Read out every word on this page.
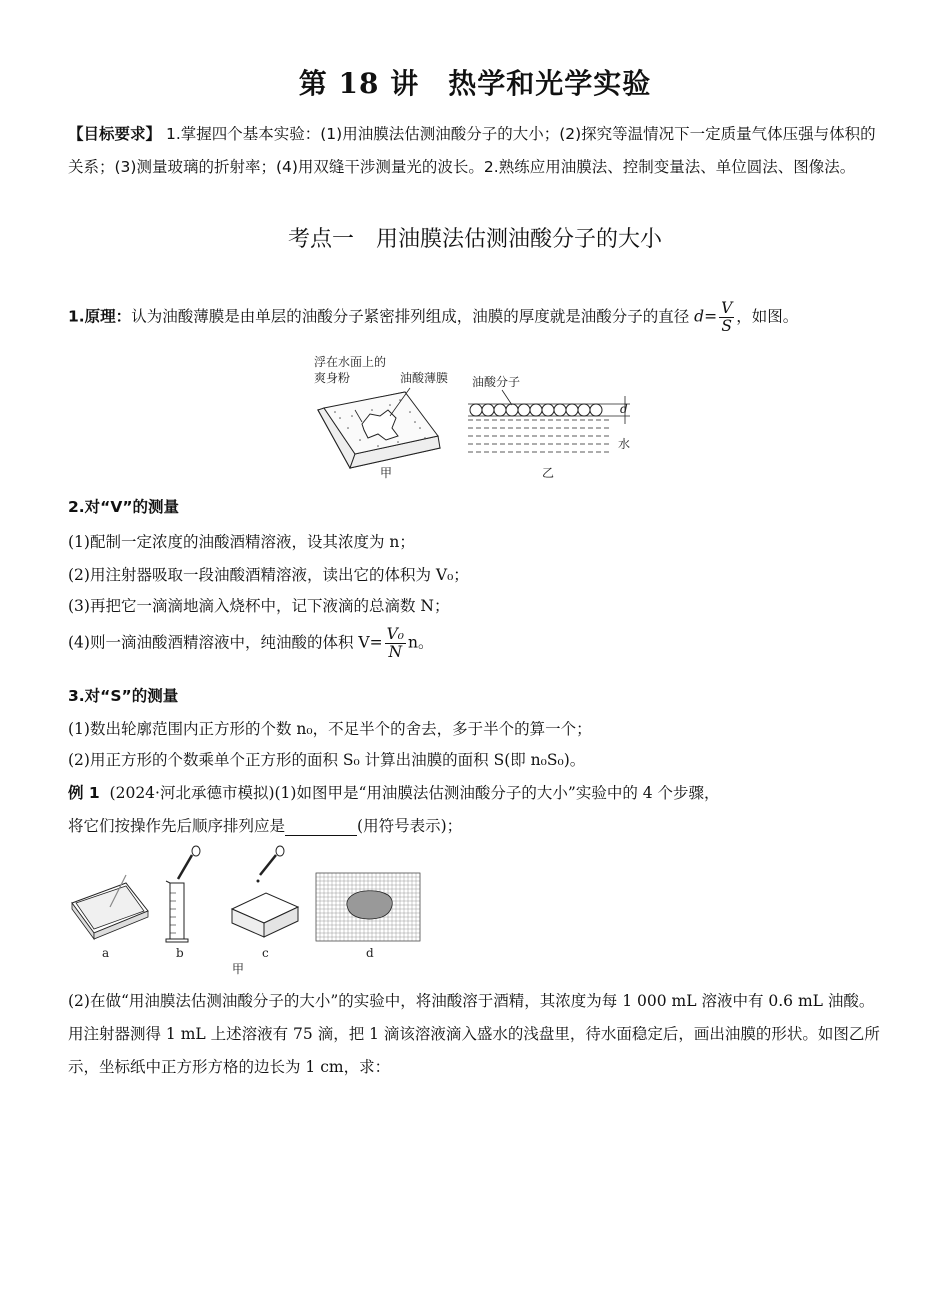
第 18 讲　热学和光学实验
【目标要求】 1.掌握四个基本实验：(1)用油膜法估测油酸分子的大小；(2)探究等温情况下一定质量气体压强与体积的关系；(3)测量玻璃的折射率；(4)用双缝干涉测量光的波长。2.熟练应用油膜法、控制变量法、单位圆法、图像法。
考点一　用油膜法估测油酸分子的大小
1.原理：认为油酸薄膜是由单层的油酸分子紧密排列组成，油膜的厚度就是油酸分子的直径 $d= \frac{V}{S}$ ，如图。
浮在水面上的
爽身粉	油酸薄膜
甲
d
水
油酸分子
乙
2.对“V”的测量
(1)配制一定浓度的油酸酒精溶液，设其浓度为 n；
(2)用注射器吸取一段油酸酒精溶液，读出它的体积为 V₀；
(3)再把它一滴滴地滴入烧杯中，记下液滴的总滴数 N；
(4)则一滴油酸酒精溶液中，纯油酸的体积 $V= \frac{\text{V₀}}{N}$ n。
3.对“S”的测量
(1)数出轮廓范围内正方形的个数 n₀，不足半个的舍去，多于半个的算一个；
(2)用正方形的个数乘单个正方形的面积 S₀ 计算出油膜的面积 S(即 n₀S₀)。
例 1 (2024·河北承德市模拟)(1)如图甲是“用油膜法估测油酸分子的大小”实验中的 4 个步骤，
将它们按操作先后顺序排列应是	(用符号表示)；
a	b	c	d
甲
(2)在做“用油膜法估测油酸分子的大小”的实验中，将油酸溶于酒精，其浓度为每 1 000 mL 溶液中有 0.6 mL 油酸。用注射器测得 1 mL 上述溶液有 75 滴，把 1 滴该溶液滴入盛水的浅盘里，待水面稳定后，画出油膜的形状。如图乙所示，坐标纸中正方形方格的边长为 1 cm，求：
